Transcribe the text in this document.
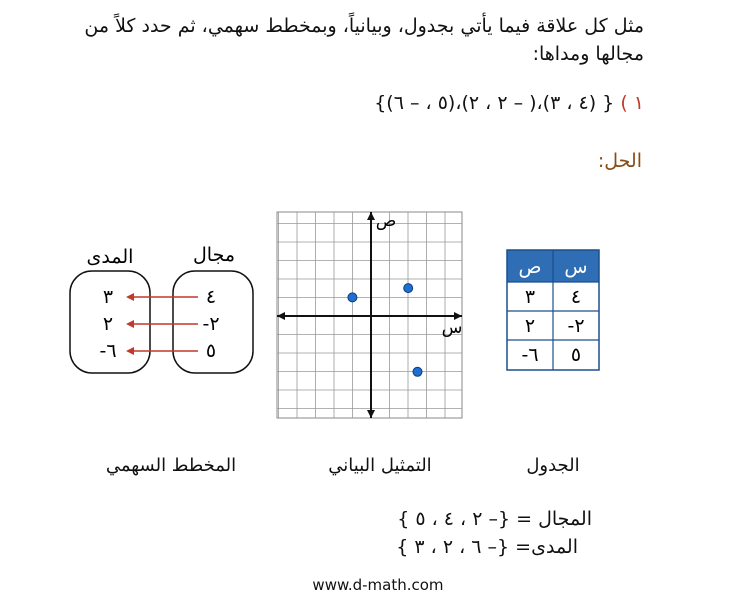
مثل كل علاقة فيما يأتي بجدول، وبيانياً، وبمخطط سهمي، ثم حدد كلاً من مجالها ومداها:
١ ) { (٤ ، ٣)،( – ٢ ، ٢)،(٥ ، – ٦)}
الحل:
س
ص
٤
٣
-٢
٢
٥
-٦
ص
س
مجال
المدى
٤
-٢
٥
٣
٢
-٦
الجدول
التمثيل البياني
المخطط السهمي
المجال = {– ٢ ، ٤ ، ٥ }
المدى= {– ٦ ، ٢ ، ٣ }
www.d-math.com
